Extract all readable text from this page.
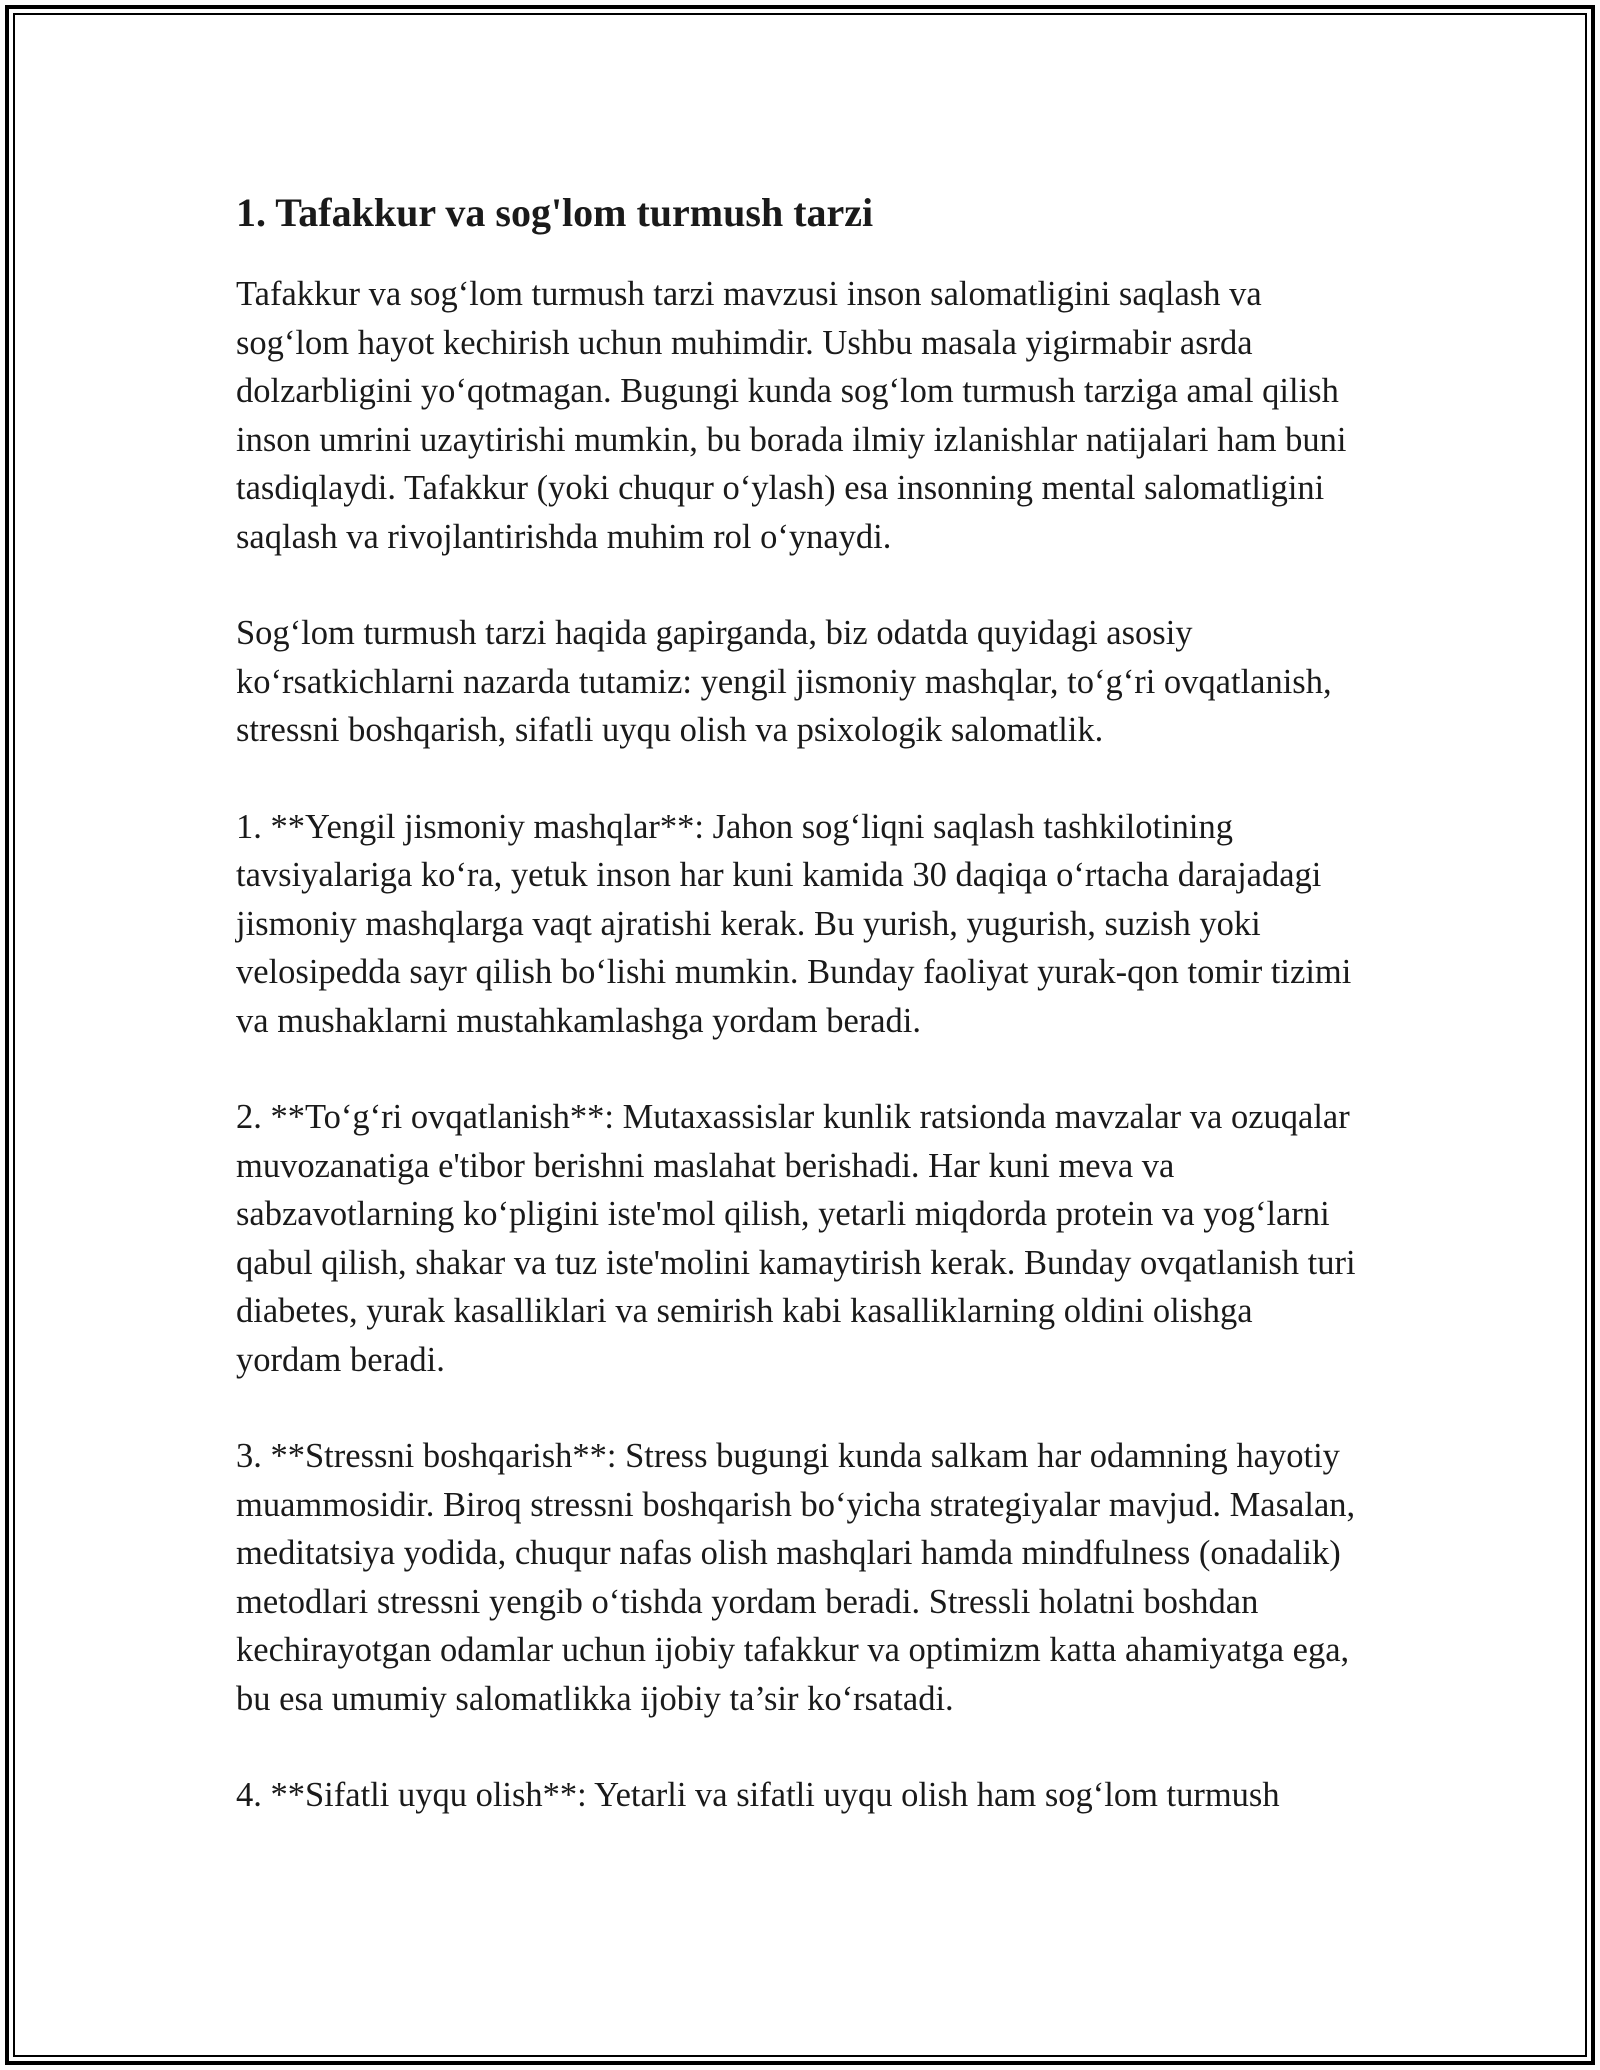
1. Tafakkur va sog'lom turmush tarzi

Tafakkur va sog‘lom turmush tarzi mavzusi inson salomatligini saqlash va sog‘lom hayot kechirish uchun muhimdir. Ushbu masala yigirmabir asrda dolzarbligini yo‘qotmagan. Bugungi kunda sog‘lom turmush tarziga amal qilish inson umrini uzaytirishi mumkin, bu borada ilmiy izlanishlar natijalari ham buni tasdiqlaydi. Tafakkur (yoki chuqur o‘ylash) esa insonning mental salomatligini saqlash va rivojlantirishda muhim rol o‘ynaydi.

Sog‘lom turmush tarzi haqida gapirganda, biz odatda quyidagi asosiy ko‘rsatkichlarni nazarda tutamiz: yengil jismoniy mashqlar, to‘g‘ri ovqatlanish, stressni boshqarish, sifatli uyqu olish va psixologik salomatlik.

1. **Yengil jismoniy mashqlar**: Jahon sog‘liqni saqlash tashkilotining tavsiyalariga ko‘ra, yetuk inson har kuni kamida 30 daqiqa o‘rtacha darajadagi jismoniy mashqlarga vaqt ajratishi kerak. Bu yurish, yugurish, suzish yoki velosipedda sayr qilish bo‘lishi mumkin. Bunday faoliyat yurak-qon tomir tizimi va mushaklarni mustahkamlashga yordam beradi.

2. **To‘g‘ri ovqatlanish**: Mutaxassislar kunlik ratsionda mavzalar va ozuqalar muvozanatiga e'tibor berishni maslahat berishadi. Har kuni meva va sabzavotlarning ko‘pligini iste'mol qilish, yetarli miqdorda protein va yog‘larni qabul qilish, shakar va tuz iste'molini kamaytirish kerak. Bunday ovqatlanish turi diabetes, yurak kasalliklari va semirish kabi kasalliklarning oldini olishga yordam beradi.

3. **Stressni boshqarish**: Stress bugungi kunda salkam har odamning hayotiy muammosidir. Biroq stressni boshqarish bo‘yicha strategiyalar mavjud. Masalan, meditatsiya yodida, chuqur nafas olish mashqlari hamda mindfulness (onadalik) metodlari stressni yengib o‘tishda yordam beradi. Stressli holatni boshdan kechirayotgan odamlar uchun ijobiy tafakkur va optimizm katta ahamiyatga ega, bu esa umumiy salomatlikka ijobiy ta’sir ko‘rsatadi.

4. **Sifatli uyqu olish**: Yetarli va sifatli uyqu olish ham sog‘lom turmush
